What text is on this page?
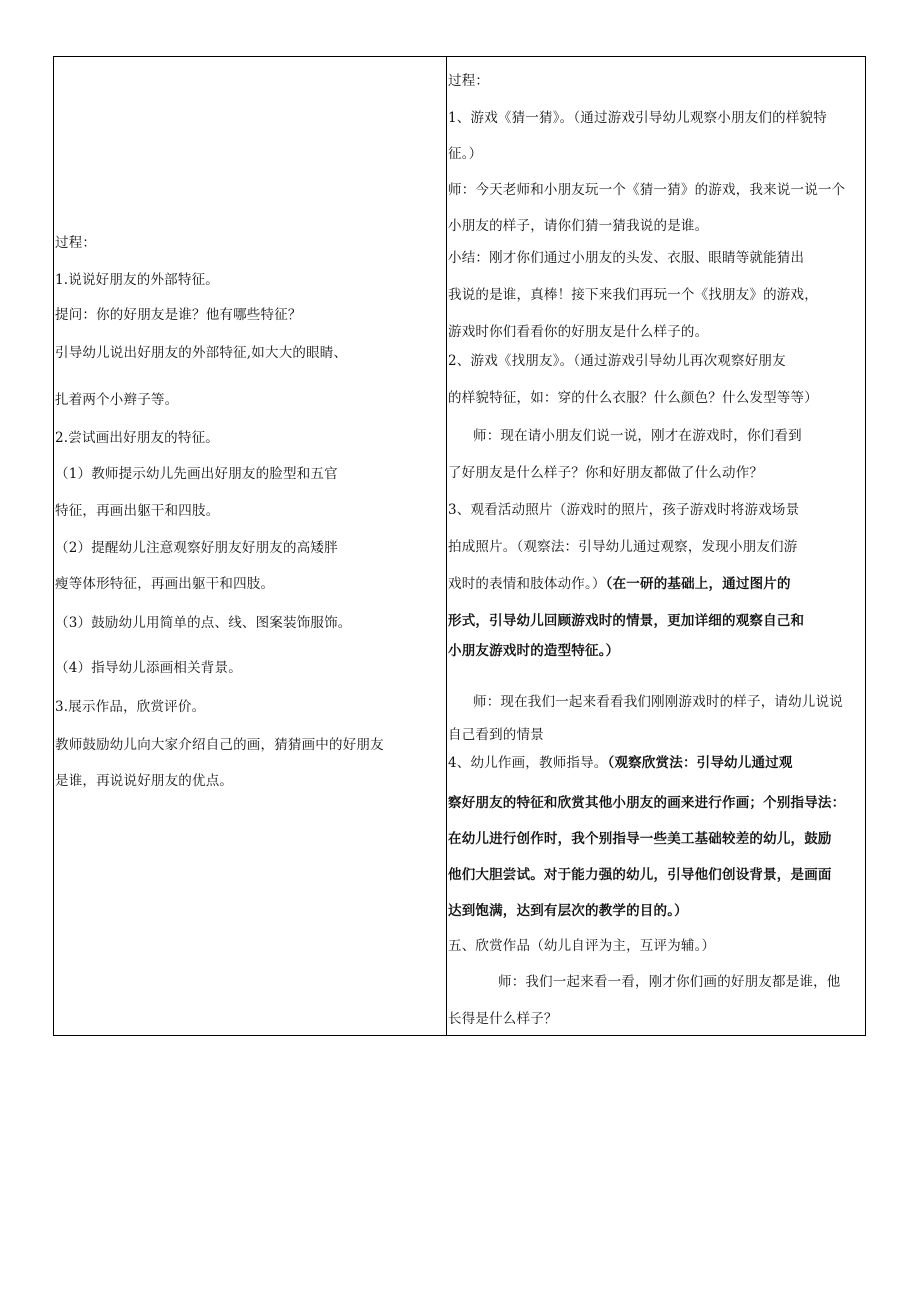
过程：
1.说说好朋友的外部特征。
提问：你的好朋友是谁？他有哪些特征？
引导幼儿说出好朋友的外部特征,如大大的眼睛、
扎着两个小辫子等。
2.尝试画出好朋友的特征。
（1）教师提示幼儿先画出好朋友的脸型和五官
特征，再画出躯干和四肢。
（2）提醒幼儿注意观察好朋友好朋友的高矮胖
瘦等体形特征，再画出躯干和四肢。
（3）鼓励幼儿用简单的点、线、图案装饰服饰。
（4）指导幼儿添画相关背景。
3.展示作品，欣赏评价。
教师鼓励幼儿向大家介绍自己的画，猜猜画中的好朋友
是谁，再说说好朋友的优点。
过程：
1、游戏《猜一猜》。（通过游戏引导幼儿观察小朋友们的样貌特
征。）
师：今天老师和小朋友玩一个《猜一猜》的游戏，我来说一说一个
小朋友的样子，请你们猜一猜我说的是谁。
小结：刚才你们通过小朋友的头发、衣服、眼睛等就能猜出
我说的是谁，真棒！接下来我们再玩一个《找朋友》的游戏，
游戏时你们看看你的好朋友是什么样子的。
2、游戏《找朋友》。（通过游戏引导幼儿再次观察好朋友
的样貌特征，如：穿的什么衣服？什么颜色？什么发型等等）
师：现在请小朋友们说一说，刚才在游戏时，你们看到
了好朋友是什么样子？你和好朋友都做了什么动作？
3、观看活动照片（游戏时的照片，孩子游戏时将游戏场景
拍成照片。（观察法：引导幼儿通过观察，发现小朋友们游
戏时的表情和肢体动作。）（在一研的基础上，通过图片的
形式，引导幼儿回顾游戏时的情景，更加详细的观察自己和
小朋友游戏时的造型特征。）
师：现在我们一起来看看我们刚刚游戏时的样子，请幼儿说说
自己看到的情景
4、幼儿作画，教师指导。（观察欣赏法：引导幼儿通过观
察好朋友的特征和欣赏其他小朋友的画来进行作画；个别指导法：
在幼儿进行创作时，我个别指导一些美工基础较差的幼儿，鼓励
他们大胆尝试。对于能力强的幼儿，引导他们创设背景，是画面
达到饱满，达到有层次的教学的目的。）
五、欣赏作品（幼儿自评为主，互评为辅。）
师：我们一起来看一看，刚才你们画的好朋友都是谁，他
长得是什么样子？
